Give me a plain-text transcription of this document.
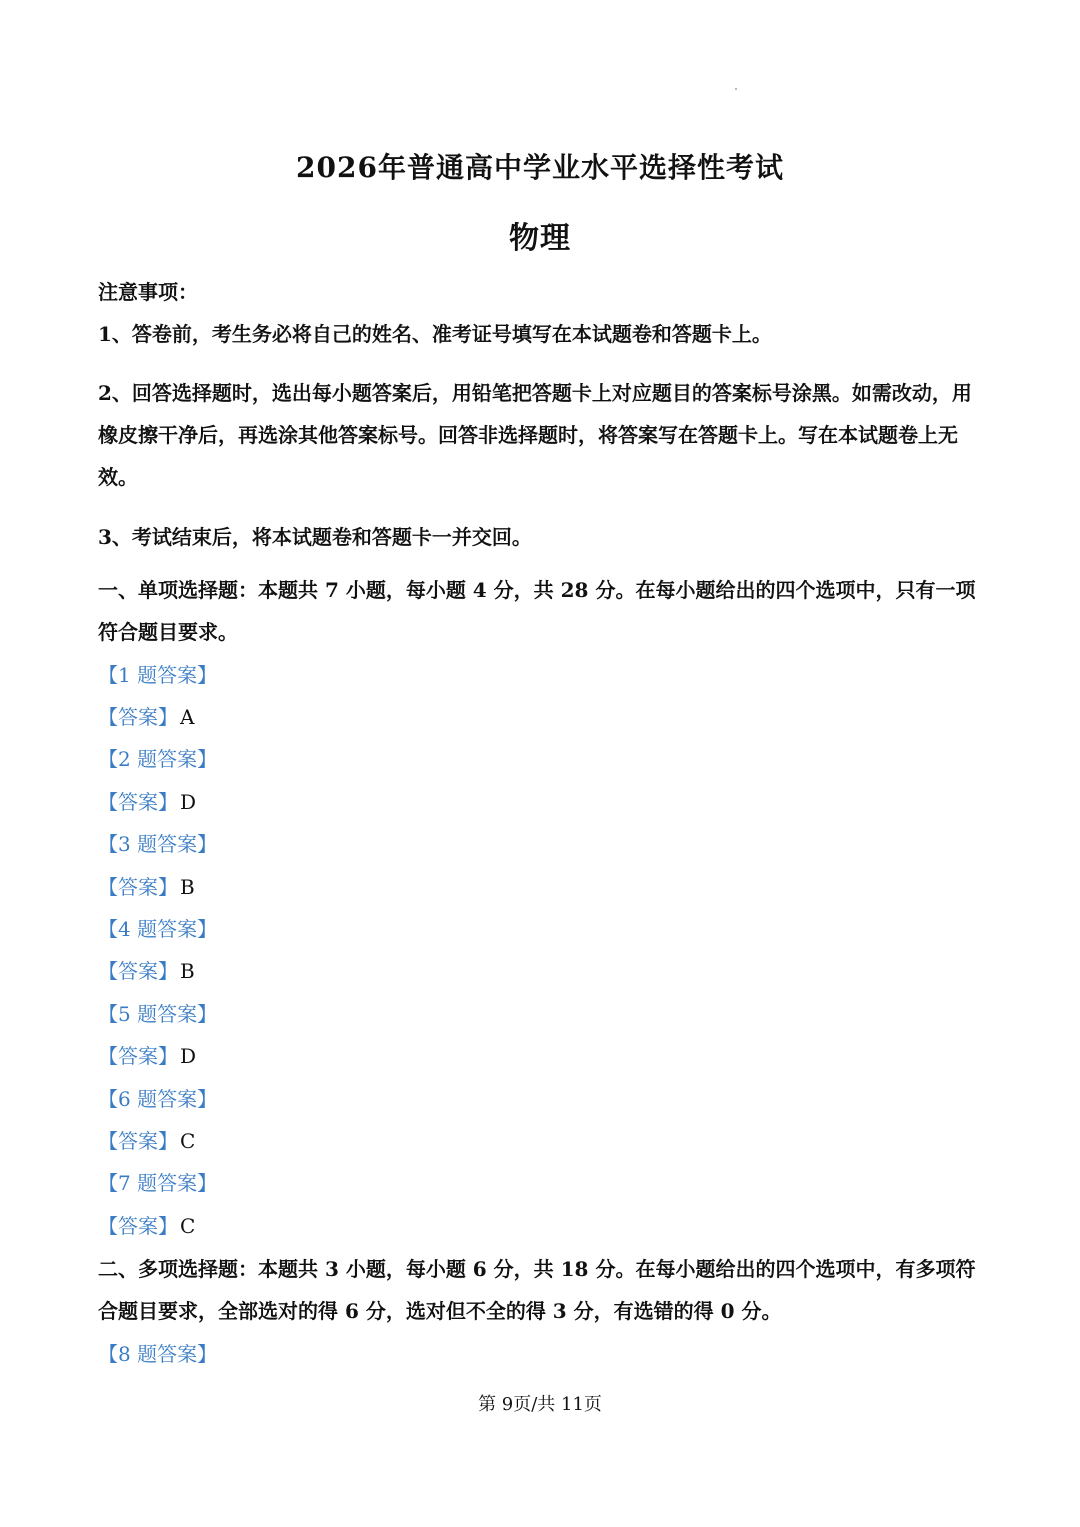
2026年普通高中学业水平选择性考试
物理
注意事项：
1、答卷前，考生务必将自己的姓名、准考证号填写在本试题卷和答题卡上。
2、回答选择题时，选出每小题答案后，用铅笔把答题卡上对应题目的答案标号涂黑。如需改动，用橡皮擦干净后，再选涂其他答案标号。回答非选择题时，将答案写在答题卡上。写在本试题卷上无效。
3、考试结束后，将本试题卷和答题卡一并交回。
一、单项选择题：本题共 7 小题，每小题 4 分，共 28 分。在每小题给出的四个选项中，只有一项符合题目要求。
【1 题答案】
【答案】 A
【2 题答案】
【答案】 D
【3 题答案】
【答案】 B
【4 题答案】
【答案】 B
【5 题答案】
【答案】 D
【6 题答案】
【答案】 C
【7 题答案】
【答案】 C
二、多项选择题：本题共 3 小题，每小题 6 分，共 18 分。在每小题给出的四个选项中，有多项符合题目要求，全部选对的得 6 分，选对但不全的得 3 分，有选错的得 0 分。
【8 题答案】
第 9页/共 11页
